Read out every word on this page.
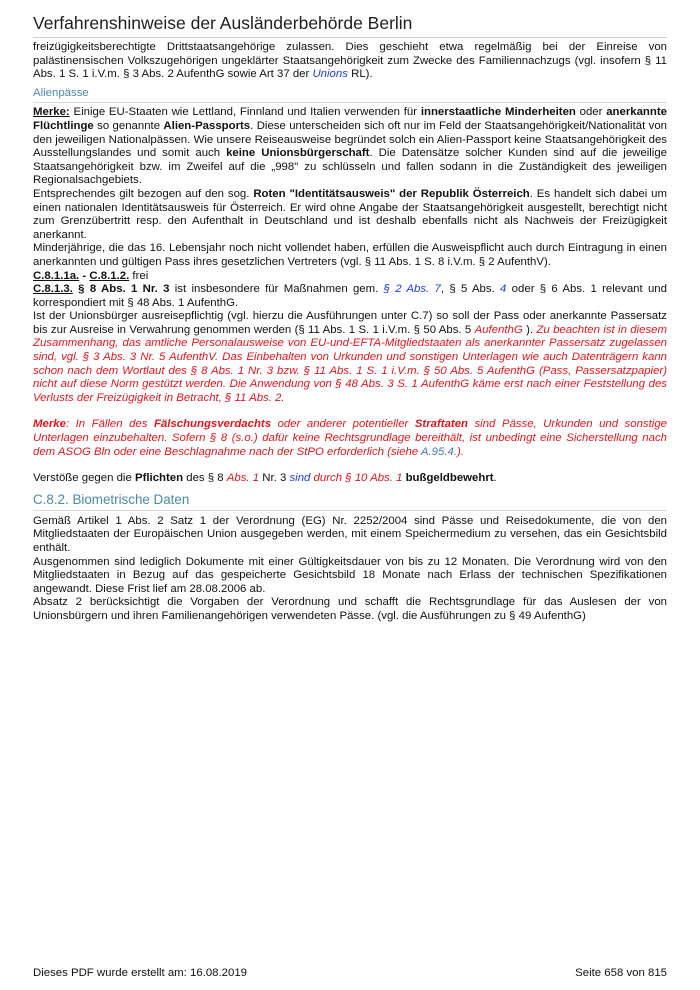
Verfahrenshinweise der Ausländerbehörde Berlin

freizügigkeitsberechtigte Drittstaatsangehörige zulassen. Dies geschieht etwa regelmäßig bei der Einreise von palästinensischen Volkszugehörigen ungeklärter Staatsangehörigkeit zum Zwecke des Familiennachzugs (vgl. insofern § 11 Abs. 1 S. 1 i.V.m. § 3 Abs. 2 AufenthG sowie Art 37 der Unions RL).

Alienpässe

Merke: Einige EU-Staaten wie Lettland, Finnland und Italien verwenden für innerstaatliche Minderheiten oder anerkannte Flüchtlinge so genannte Alien-Passports. Diese unterscheiden sich oft nur im Feld der Staatsangehörigkeit/Nationalität von den jeweiligen Nationalpässen. Wie unsere Reiseausweise begründet solch ein Alien-Passport keine Staatsangehörigkeit des Ausstellungslandes und somit auch keine Unionsbürgerschaft. Die Datensätze solcher Kunden sind auf die jeweilige Staatsangehörigkeit bzw. im Zweifel auf die „998" zu schlüsseln und fallen sodann in die Zuständigkeit des jeweiligen Regionalsachgebiets.

Entsprechendes gilt bezogen auf den sog. Roten "Identitätsausweis" der Republik Österreich. Es handelt sich dabei um einen nationalen Identitätsausweis für Österreich. Er wird ohne Angabe der Staatsangehörigkeit ausgestellt, berechtigt nicht zum Grenzübertritt resp. den Aufenthalt in Deutschland und ist deshalb ebenfalls nicht als Nachweis der Freizügigkeit anerkannt.

Minderjährige, die das 16. Lebensjahr noch nicht vollendet haben, erfüllen die Ausweispflicht auch durch Eintragung in einen anerkannten und gültigen Pass ihres gesetzlichen Vertreters (vgl. § 11 Abs. 1 S. 8 i.V.m. § 2 AufenthV).

C.8.1.1a. - C.8.1.2. frei

C.8.1.3. § 8 Abs. 1 Nr. 3 ist insbesondere für Maßnahmen gem. § 2 Abs. 7, § 5 Abs. 4 oder § 6 Abs. 1 relevant und korrespondiert mit § 48 Abs. 1 AufenthG.

Ist der Unionsbürger ausreisepflichtig (vgl. hierzu die Ausführungen unter C.7) so soll der Pass oder anerkannte Passersatz bis zur Ausreise in Verwahrung genommen werden (§ 11 Abs. 1 S. 1 i.V.m. § 50 Abs. 5 AufenthG ). Zu beachten ist in diesem Zusammenhang, das amtliche Personalausweise von EU-und-EFTA-Mitgliedstaaten als anerkannter Passersatz zugelassen sind, vgl. § 3 Abs. 3 Nr. 5 AufenthV. Das Einbehalten von Urkunden und sonstigen Unterlagen wie auch Datenträgern kann schon nach dem Wortlaut des § 8 Abs. 1 Nr. 3 bzw. § 11 Abs. 1 S. 1 i.V.m. § 50 Abs. 5 AufenthG (Pass, Passersatzpapier) nicht auf diese Norm gestützt werden. Die Anwendung von § 48 Abs. 3 S. 1 AufenthG käme erst nach einer Feststellung des Verlusts der Freizügigkeit in Betracht, § 11 Abs. 2.

Merke: In Fällen des Fälschungsverdachts oder anderer potentieller Straftaten sind Pässe, Urkunden und sonstige Unterlagen einzubehalten. Sofern § 8 (s.o.) dafür keine Rechtsgrundlage bereithält, ist unbedingt eine Sicherstellung nach dem ASOG Bln oder eine Beschlagnahme nach der StPO erforderlich (siehe A.95.4.).

Verstöße gegen die Pflichten des § 8 Abs. 1 Nr. 3 sind durch § 10 Abs. 1 bußgeldbewehrt.

C.8.2. Biometrische Daten

Gemäß Artikel 1 Abs. 2 Satz 1 der Verordnung (EG) Nr. 2252/2004 sind Pässe und Reisedokumente, die von den Mitgliedstaaten der Europäischen Union ausgegeben werden, mit einem Speichermedium zu versehen, das ein Gesichtsbild enthält.

Ausgenommen sind lediglich Dokumente mit einer Gültigkeitsdauer von bis zu 12 Monaten. Die Verordnung wird von den Mitgliedstaaten in Bezug auf das gespeicherte Gesichtsbild 18 Monate nach Erlass der technischen Spezifikationen angewandt. Diese Frist lief am 28.08.2006 ab.

Absatz 2 berücksichtigt die Vorgaben der Verordnung und schafft die Rechtsgrundlage für das Auslesen der von Unionsbürgern und ihren Familienangehörigen verwendeten Pässe. (vgl. die Ausführungen zu § 49 AufenthG)

Dieses PDF wurde erstellt am: 16.08.2019	Seite 658 von 815
